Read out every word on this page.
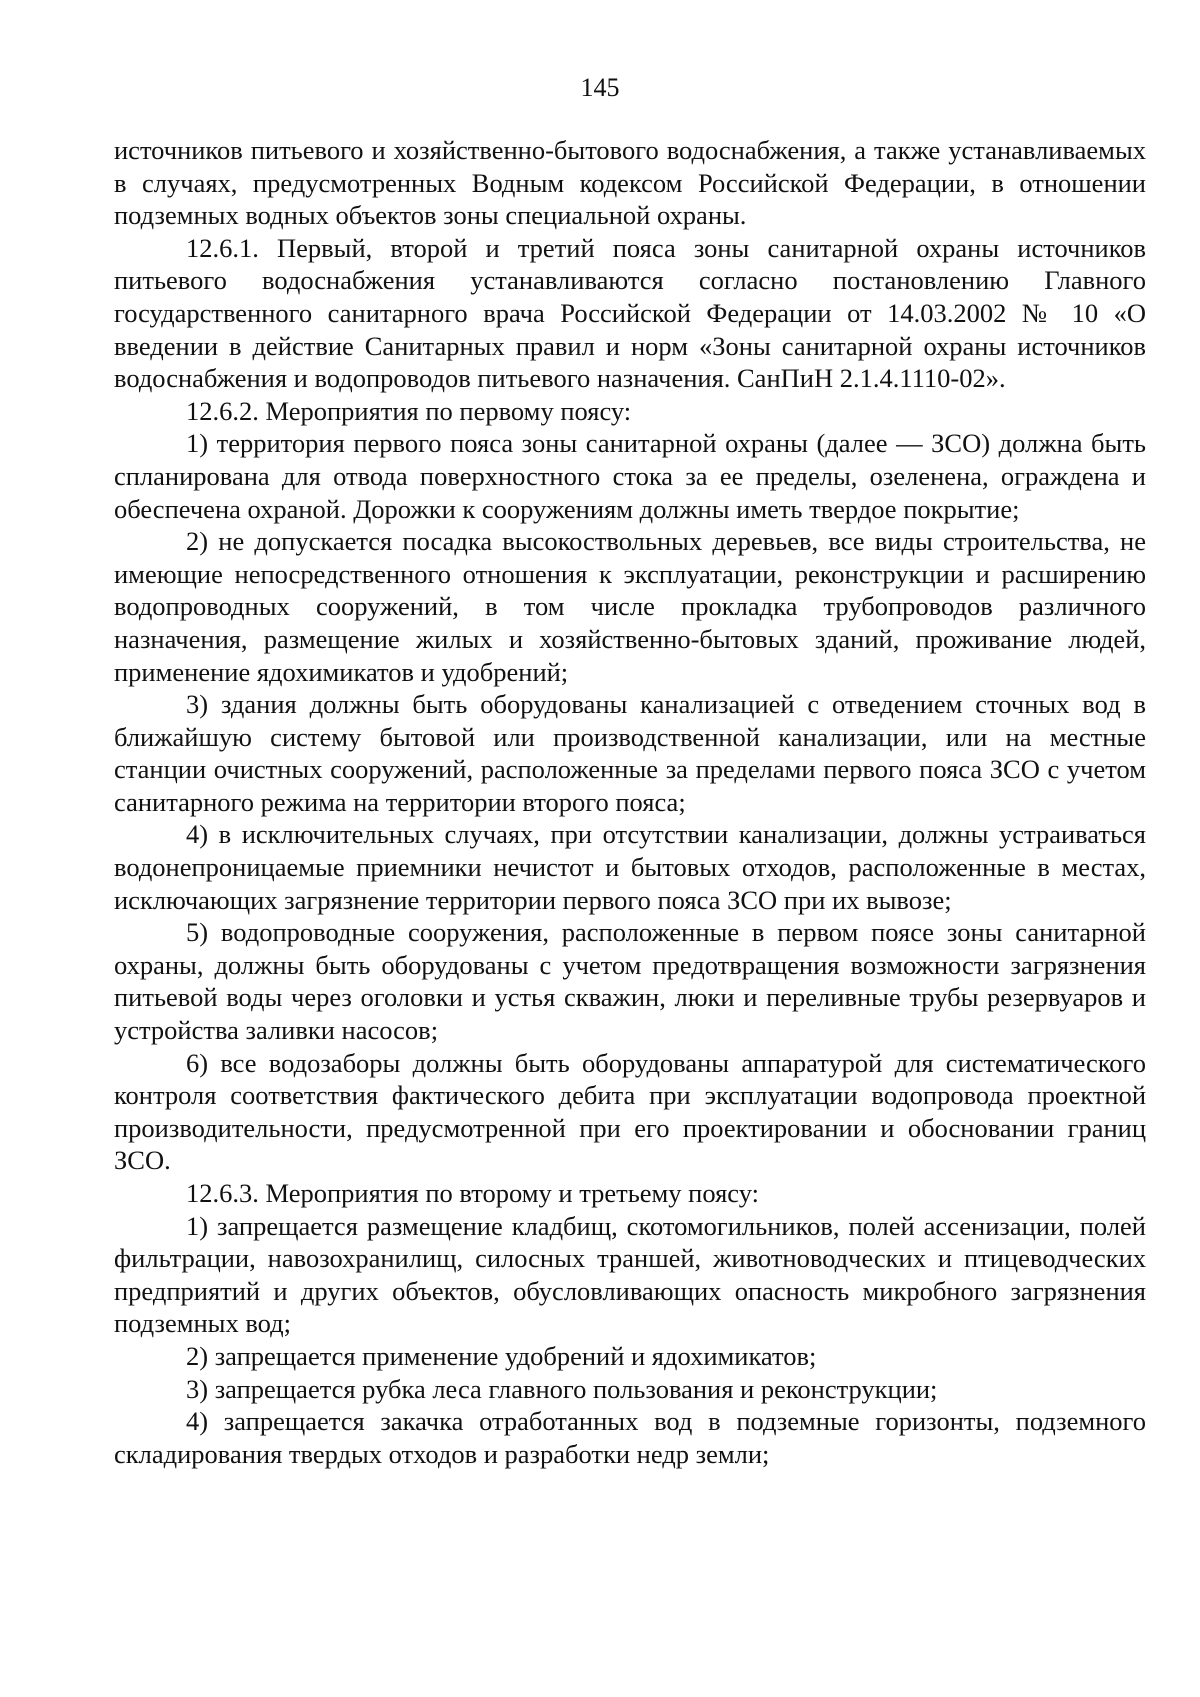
145

источников питьевого и хозяйственно-бытового водоснабжения, а также устанавливаемых в случаях, предусмотренных Водным кодексом Российской Федерации, в отношении подземных водных объектов зоны специальной охраны.

12.6.1. Первый, второй и третий пояса зоны санитарной охраны источников питьевого водоснабжения устанавливаются согласно постановлению Главного государственного санитарного врача Российской Федерации от 14.03.2002 № 10 «О введении в действие Санитарных правил и норм «Зоны санитарной охраны источников водоснабжения и водопроводов питьевого назначения. СанПиН 2.1.4.1110-02».

12.6.2. Мероприятия по первому поясу:

1) территория первого пояса зоны санитарной охраны (далее — ЗСО) должна быть спланирована для отвода поверхностного стока за ее пределы, озеленена, ограждена и обеспечена охраной. Дорожки к сооружениям должны иметь твердое покрытие;

2) не допускается посадка высокоствольных деревьев, все виды строительства, не имеющие непосредственного отношения к эксплуатации, реконструкции и расширению водопроводных сооружений, в том числе прокладка трубопроводов различного назначения, размещение жилых и хозяйственно-бытовых зданий, проживание людей, применение ядохимикатов и удобрений;

3) здания должны быть оборудованы канализацией с отведением сточных вод в ближайшую систему бытовой или производственной канализации, или на местные станции очистных сооружений, расположенные за пределами первого пояса ЗСО с учетом санитарного режима на территории второго пояса;

4) в исключительных случаях, при отсутствии канализации, должны устраиваться водонепроницаемые приемники нечистот и бытовых отходов, расположенные в местах, исключающих загрязнение территории первого пояса ЗСО при их вывозе;

5) водопроводные сооружения, расположенные в первом поясе зоны санитарной охраны, должны быть оборудованы с учетом предотвращения возможности загрязнения питьевой воды через оголовки и устья скважин, люки и переливные трубы резервуаров и устройства заливки насосов;

6) все водозаборы должны быть оборудованы аппаратурой для систематического контроля соответствия фактического дебита при эксплуатации водопровода проектной производительности, предусмотренной при его проектировании и обосновании границ ЗСО.

12.6.3. Мероприятия по второму и третьему поясу:

1) запрещается размещение кладбищ, скотомогильников, полей ассенизации, полей фильтрации, навозохранилищ, силосных траншей, животноводческих и птицеводческих предприятий и других объектов, обусловливающих опасность микробного загрязнения подземных вод;

2) запрещается применение удобрений и ядохимикатов;

3) запрещается рубка леса главного пользования и реконструкции;

4) запрещается закачка отработанных вод в подземные горизонты, подземного складирования твердых отходов и разработки недр земли;
